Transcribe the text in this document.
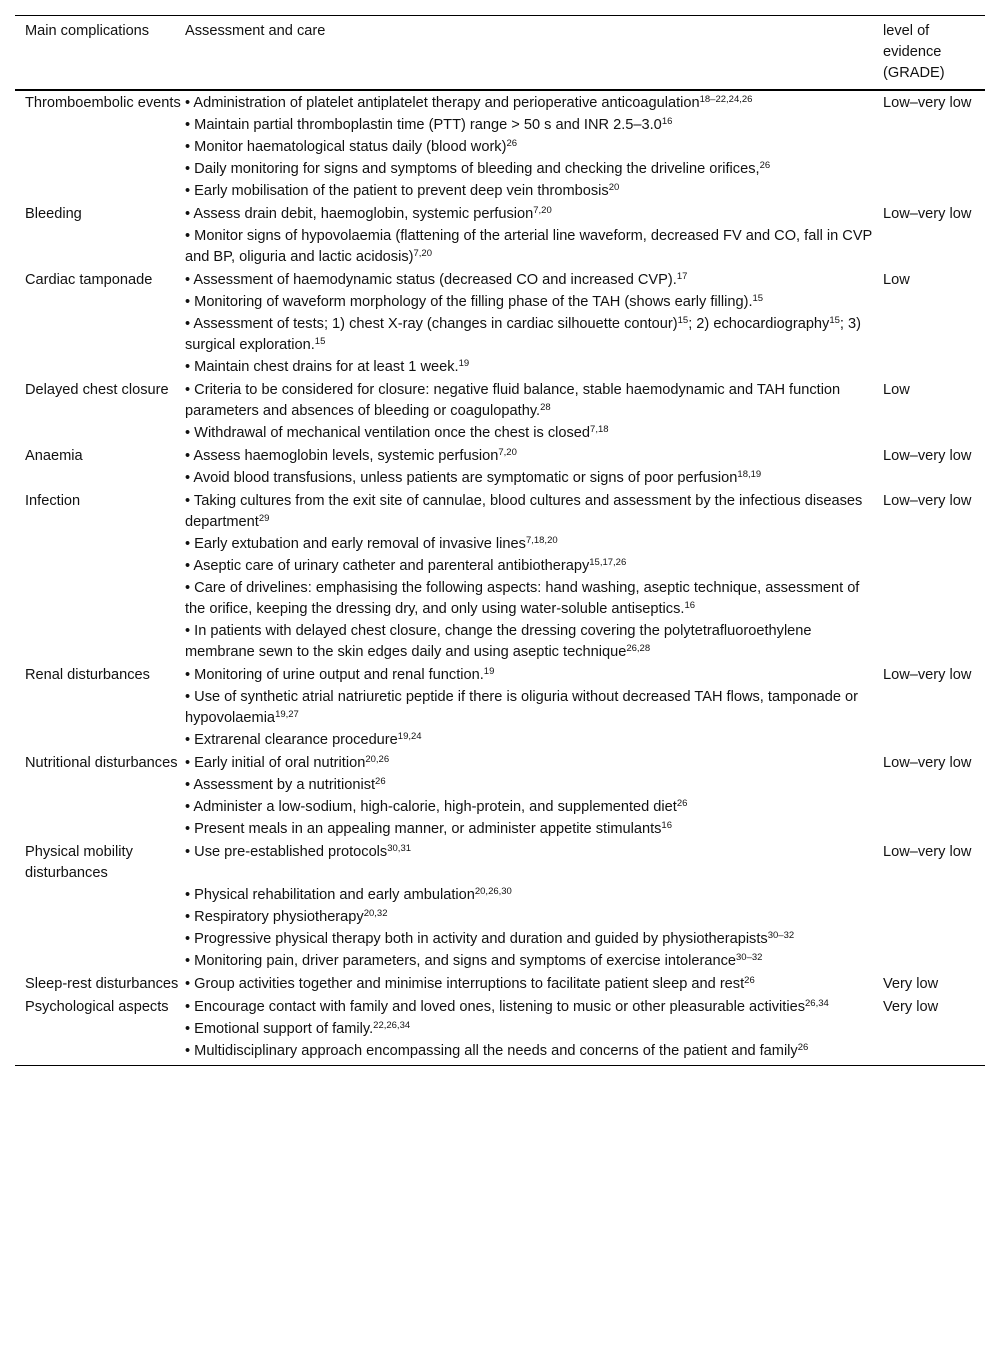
Main complications	Assessment and care	level of evidence (GRADE)
Thromboembolic events	• Administration of platelet antiplatelet therapy and perioperative anticoagulation$^{18-22,24,26}$	Low–very low
	• Maintain partial thromboplastin time (PTT) range > 50 s and INR $2.5-3.0^{16}$	
	• Monitor haematological status daily (blood work)$^{26}$	
	• Daily monitoring for signs and symptoms of bleeding and checking the driveline orifices,$^{26}$	
	• Early mobilisation of the patient to prevent deep vein thrombosis$^{20}$	
Bleeding	• Assess drain debit, haemoglobin, systemic perfusion$^{7,20}$	Low–very low
	• Monitor signs of hypovolaemia (flattening of the arterial line waveform, decreased FV and CO, fall in CVP and BP, oliguria and lactic acidosis)$^{7,20}$	
Cardiac tamponade	• Assessment of haemodynamic status (decreased CO and increased CVP).$^{17}$	Low
	• Monitoring of waveform morphology of the filling phase of the TAH (shows early filling).$^{15}$	
	• Assessment of tests; 1) chest X-ray (changes in cardiac silhouette contour)$^{15}$; 2) echocardiography$^{15}$; 3) surgical exploration.$^{15}$	
	• Maintain chest drains for at least 1 week.$^{19}$	
Delayed chest closure	• Criteria to be considered for closure: negative fluid balance, stable haemodynamic and TAH function parameters and absences of bleeding or coagulopathy.$^{28}$	Low
	• Withdrawal of mechanical ventilation once the chest is closed$^{7,18}$	
Anaemia	• Assess haemoglobin levels, systemic perfusion$^{7,20}$	Low–very low
	• Avoid blood transfusions, unless patients are symptomatic or signs of poor perfusion$^{18,19}$	
Infection	• Taking cultures from the exit site of cannulae, blood cultures and assessment by the infectious diseases department$^{29}$	Low–very low
	• Early extubation and early removal of invasive lines$^{7,18,20}$	
	• Aseptic care of urinary catheter and parenteral antibiotherapy$^{15,17,26}$	
	• Care of drivelines: emphasising the following aspects: hand washing, aseptic technique, assessment of the orifice, keeping the dressing dry, and only using water-soluble antiseptics.$^{16}$	
	• In patients with delayed chest closure, change the dressing covering the polytetrafluoroethylene membrane sewn to the skin edges daily and using aseptic technique$^{26,28}$	
Renal disturbances	• Monitoring of urine output and renal function.$^{19}$	Low–very low
	• Use of synthetic atrial natriuretic peptide if there is oliguria without decreased TAH flows, tamponade or hypovolaemia$^{19,27}$	
	• Extrarenal clearance procedure$^{19,24}$	
Nutritional disturbances	• Early initial of oral nutrition$^{20,26}$	Low–very low
	• Assessment by a nutritionist$^{26}$	
	• Administer a low-sodium, high-calorie, high-protein, and supplemented diet$^{26}$	
	• Present meals in an appealing manner, or administer appetite stimulants$^{16}$	
Physical mobility disturbances	• Use pre-established protocols$^{30,31}$	Low–very low
	• Physical rehabilitation and early ambulation$^{20,26,30}$	
	• Respiratory physiotherapy$^{20,32}$	
	• Progressive physical therapy both in activity and duration and guided by physiotherapists$^{30-32}$	
	• Monitoring pain, driver parameters, and signs and symptoms of exercise intolerance$^{30-32}$	
Sleep-rest disturbances	• Group activities together and minimise interruptions to facilitate patient sleep and rest$^{26}$	Very low
Psychological aspects	• Encourage contact with family and loved ones, listening to music or other pleasurable activities$^{26,34}$	Very low
	• Emotional support of family.$^{22,26,34}$	
	• Multidisciplinary approach encompassing all the needs and concerns of the patient and family$^{26}$	
